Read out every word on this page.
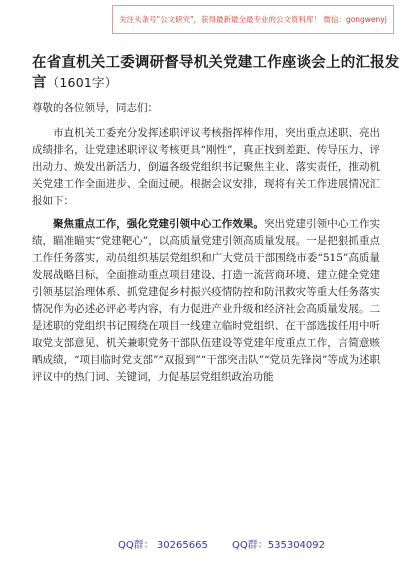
关注头条号"公文研究"，获得最新最全最专业的公文资料库！ 微信：gongwenyj
在省直机关工委调研督导机关党建工作座谈会上的汇报发
言（1601字）
尊敬的各位领导，同志们：

市直机关工委充分发挥述职评议考核指挥棒作用，突出重点述职、亮出成绩排名，让党建述职评议考核更具“刚性”，真正找到差距、传导压力、评出动力、焕发出新活力，倒逼各级党组织书记聚焦主业、落实责任，推动机关党建工作全面进步、全面过硬。根据会议安排，现将有关工作进展情况汇报如下：

聚焦重点工作，强化党建引领中心工作效果。突出党建引领中心工作实绩，瞄准瞄实“党建靶心”，以高质量党建引领高质量发展。一是把狠抓重点工作任务落实，动员组织基层党组织和广大党员干部围绕市委“515”高质量发展战略目标，全面推动重点项目建设、打造一流营商环境、建立健全党建引领基层治理体系、抓党建促乡村振兴疫情防控和防汛救灾等重大任务落实情况作为必述必评必考内容，有力促进产业升级和经济社会高质量发展。二是述职的党组织书记围绕在项目一线建立临时党组织、在干部选拔任用中听取党支部意见、机关兼职党务干部队伍建设等党建年度重点工作，言简意赅晒成绩，“项目临时党支部”“双报到”“干部突击队”“党员先锋岗”等成为述职评议中的热门词、关键词，力促基层党组织政治功能

QQ群： 30265665 QQ群：535304092
